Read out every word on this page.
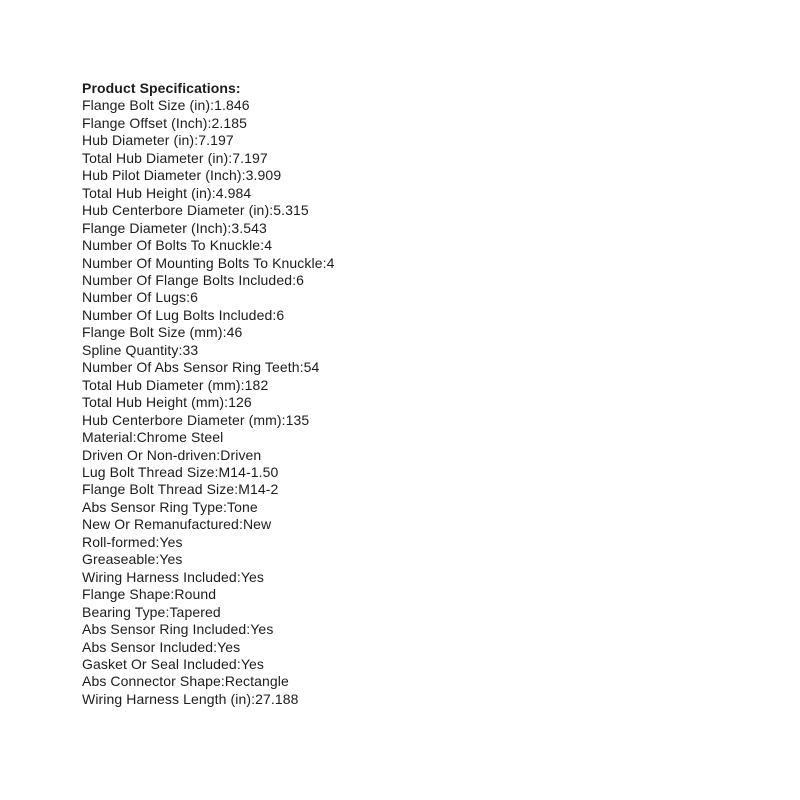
Product Specifications:
Flange Bolt Size (in):1.846
Flange Offset (Inch):2.185
Hub Diameter (in):7.197
Total Hub Diameter (in):7.197
Hub Pilot Diameter (Inch):3.909
Total Hub Height (in):4.984
Hub Centerbore Diameter (in):5.315
Flange Diameter (Inch):3.543
Number Of Bolts To Knuckle:4
Number Of Mounting Bolts To Knuckle:4
Number Of Flange Bolts Included:6
Number Of Lugs:6
Number Of Lug Bolts Included:6
Flange Bolt Size (mm):46
Spline Quantity:33
Number Of Abs Sensor Ring Teeth:54
Total Hub Diameter (mm):182
Total Hub Height (mm):126
Hub Centerbore Diameter (mm):135
Material:Chrome Steel
Driven Or Non-driven:Driven
Lug Bolt Thread Size:M14-1.50
Flange Bolt Thread Size:M14-2
Abs Sensor Ring Type:Tone
New Or Remanufactured:New
Roll-formed:Yes
Greaseable:Yes
Wiring Harness Included:Yes
Flange Shape:Round
Bearing Type:Tapered
Abs Sensor Ring Included:Yes
Abs Sensor Included:Yes
Gasket Or Seal Included:Yes
Abs Connector Shape:Rectangle
Wiring Harness Length (in):27.188
